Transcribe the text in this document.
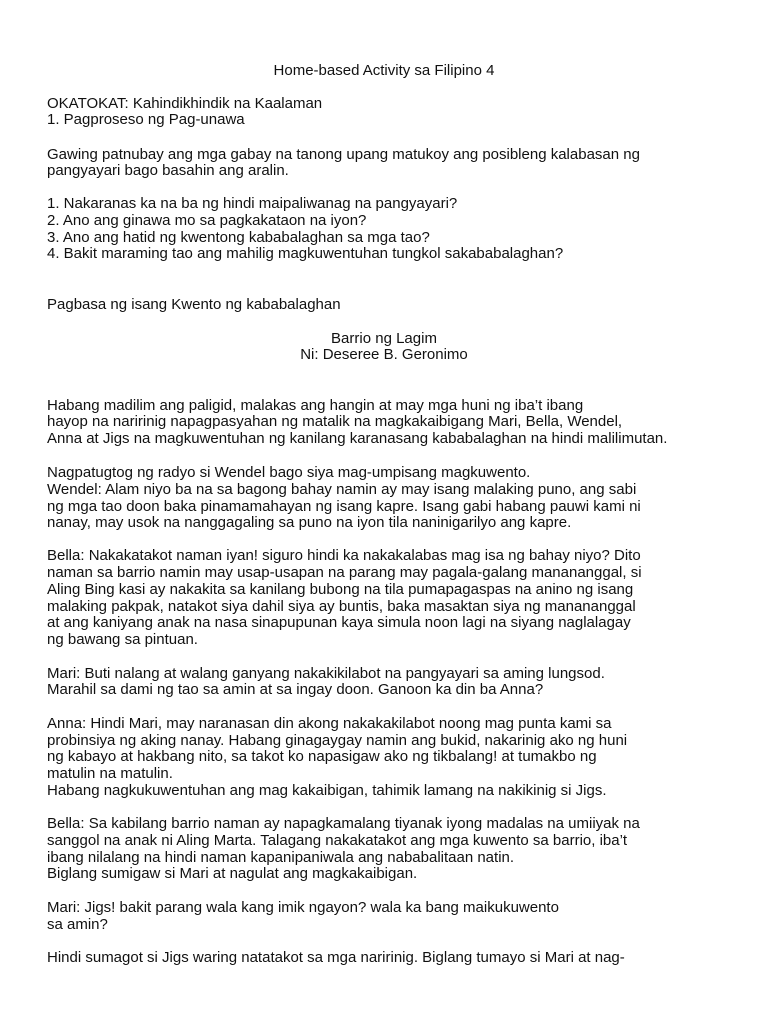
Home-based Activity sa Filipino 4

OKATOKAT: Kahindikhindik na Kaalaman

1. Pagproseso ng Pag-unawa

Gawing patnubay ang mga gabay na tanong upang matukoy ang posibleng kalabasan ng

pangyayari bago basahin ang aralin.

1. Nakaranas ka na ba ng hindi maipaliwanag na pangyayari?

2. Ano ang ginawa mo sa pagkakataon na iyon?

3. Ano ang hatid ng kwentong kababalaghan sa mga tao?

4. Bakit maraming tao ang mahilig magkuwentuhan tungkol sakababalaghan?

Pagbasa ng isang Kwento ng kababalaghan

Barrio ng Lagim

Ni: Deseree B. Geronimo

Habang madilim ang paligid, malakas ang hangin at may mga huni ng iba’t ibang

hayop na naririnig napagpasyahan ng matalik na magkakaibigang Mari, Bella, Wendel,

Anna at Jigs na magkuwentuhan ng kanilang karanasang kababalaghan na hindi malilimutan.

Nagpatugtog ng radyo si Wendel bago siya mag-umpisang magkuwento.

Wendel: Alam niyo ba na sa bagong bahay namin ay may isang malaking puno, ang sabi

ng mga tao doon baka pinamamahayan ng isang kapre. Isang gabi habang pauwi kami ni

nanay, may usok na nanggagaling sa puno na iyon tila naninigarilyo ang kapre.

Bella: Nakakatakot naman iyan! siguro hindi ka nakakalabas mag isa ng bahay niyo? Dito

naman sa barrio namin may usap-usapan na parang may pagala-galang manananggal, si

Aling Bing kasi ay nakakita sa kanilang bubong na tila pumapagaspas na anino ng isang

malaking pakpak, natakot siya dahil siya ay buntis, baka masaktan siya ng manananggal

at ang kaniyang anak na nasa sinapupunan kaya simula noon lagi na siyang naglalagay

ng bawang sa pintuan.

Mari: Buti nalang at walang ganyang nakakikilabot na pangyayari sa aming lungsod.

Marahil sa dami ng tao sa amin at sa ingay doon. Ganoon ka din ba Anna?

Anna: Hindi Mari, may naranasan din akong nakakakilabot noong mag punta kami sa

probinsiya ng aking nanay. Habang ginagaygay namin ang bukid, nakarinig ako ng huni

ng kabayo at hakbang nito, sa takot ko napasigaw ako ng tikbalang! at tumakbo ng

matulin na matulin.

Habang nagkukuwentuhan ang mag kakaibigan, tahimik lamang na nakikinig si Jigs.

Bella: Sa kabilang barrio naman ay napagkamalang tiyanak iyong madalas na umiiyak na

sanggol na anak ni Aling Marta. Talagang nakakatakot ang mga kuwento sa barrio, iba’t

ibang nilalang na hindi naman kapanipaniwala ang nababalitaan natin.

Biglang sumigaw si Mari at nagulat ang magkakaibigan.

Mari: Jigs! bakit parang wala kang imik ngayon? wala ka bang maikukuwento

sa amin?

Hindi sumagot si Jigs waring natatakot sa mga naririnig. Biglang tumayo si Mari at nag-
